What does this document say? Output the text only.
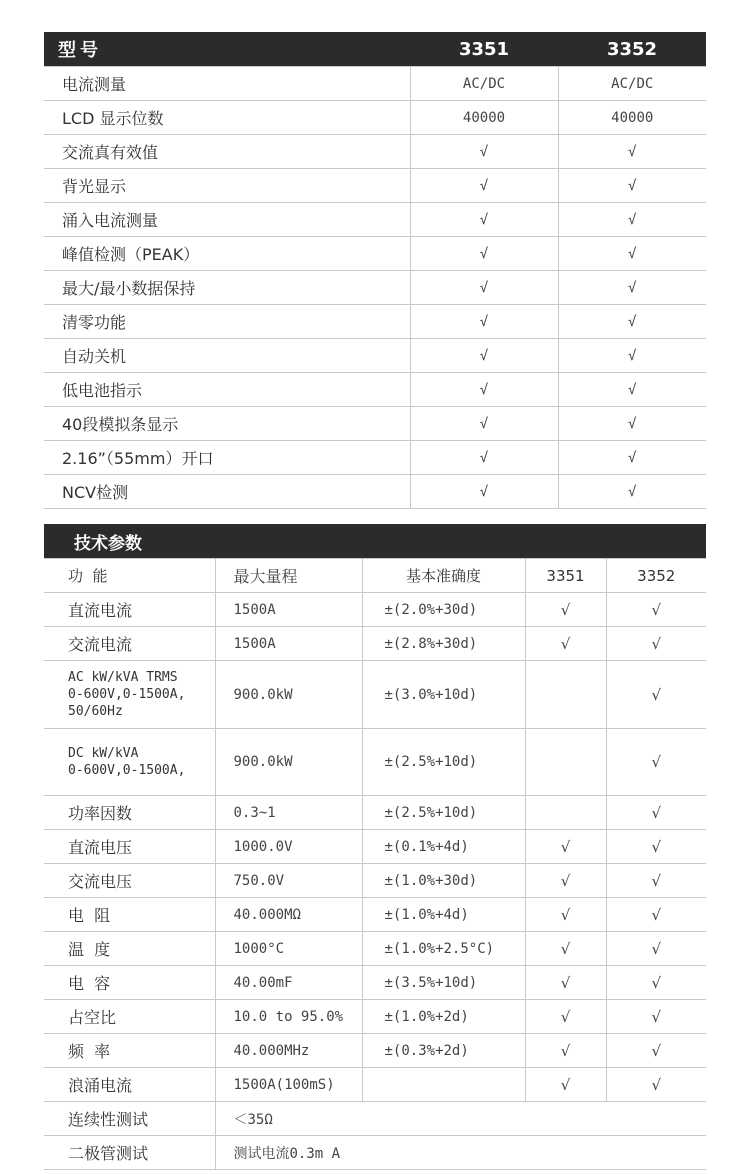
型号	3351	3352
电流测量	AC/DC	AC/DC
LCD 显示位数	40000	40000
交流真有效值	√	√
背光显示	√	√
涌入电流测量	√	√
峰值检测（PEAK）	√	√
最大/最小数据保持	√	√
清零功能	√	√
自动关机	√	√
低电池指示	√	√
40段模拟条显示	√	√
2.16”（55mm）开口	√	√
NCV检测	√	√
技术参数				
功  能	最大量程	基本准确度	3351	3352
直流电流	1500A	±(2.0%+30d)	√	√
交流电流	1500A	±(2.8%+30d)	√	√
AC kW/kVA TRMS
0-600V,0-1500A,
50/60Hz	900.0kW	±(3.0%+10d)		√
DC kW/kVA
0-600V,0-1500A,	900.0kW	±(2.5%+10d)		√
功率因数	0.3~1	±(2.5%+10d)		√
直流电压	1000.0V	±(0.1%+4d)	√	√
交流电压	750.0V	±(1.0%+30d)	√	√
电  阻	40.000MΩ	±(1.0%+4d)	√	√
温  度	1000°C	±(1.0%+2.5°C)	√	√
电  容	40.00mF	±(3.5%+10d)	√	√
占空比	10.0 to 95.0%	±(1.0%+2d)	√	√
频  率	40.000MHz	±(0.3%+2d)	√	√
浪涌电流	1500A(100mS)		√	√
连续性测试	＜35Ω			
二极管测试	测试电流0.3m A			
